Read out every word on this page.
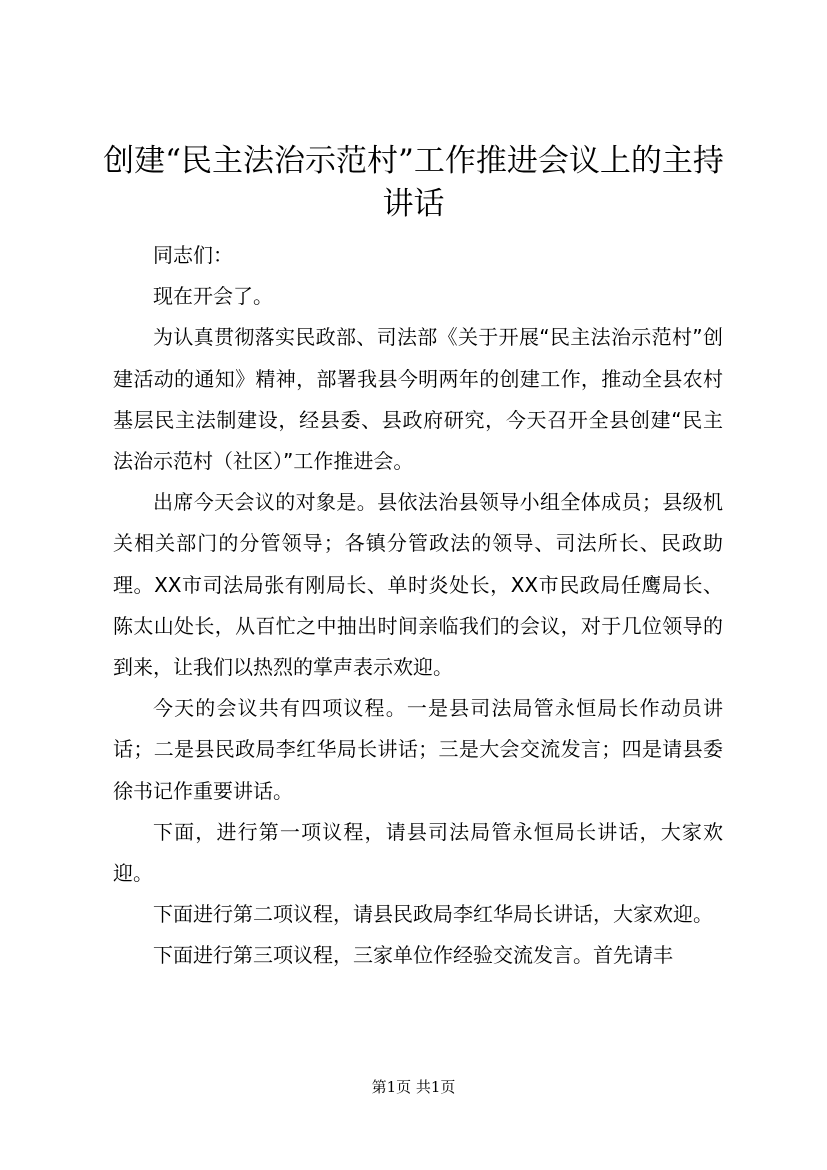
创建“民主法治示范村”工作推进会议上的主持讲话

同志们：

现在开会了。

为认真贯彻落实民政部、司法部《关于开展“民主法治示范村”创建活动的通知》精神，部署我县今明两年的创建工作，推动全县农村基层民主法制建设，经县委、县政府研究，今天召开全县创建“民主法治示范村（社区）”工作推进会。

出席今天会议的对象是。县依法治县领导小组全体成员；县级机关相关部门的分管领导；各镇分管政法的领导、司法所长、民政助理。XX市司法局张有刚局长、单时炎处长，XX市民政局任鹰局长、陈太山处长，从百忙之中抽出时间亲临我们的会议，对于几位领导的到来，让我们以热烈的掌声表示欢迎。

今天的会议共有四项议程。一是县司法局管永恒局长作动员讲话；二是县民政局李红华局长讲话；三是大会交流发言；四是请县委徐书记作重要讲话。

下面，进行第一项议程，请县司法局管永恒局长讲话，大家欢迎。

下面进行第二项议程，请县民政局李红华局长讲话，大家欢迎。

下面进行第三项议程，三家单位作经验交流发言。首先请丰

第1页 共1页
